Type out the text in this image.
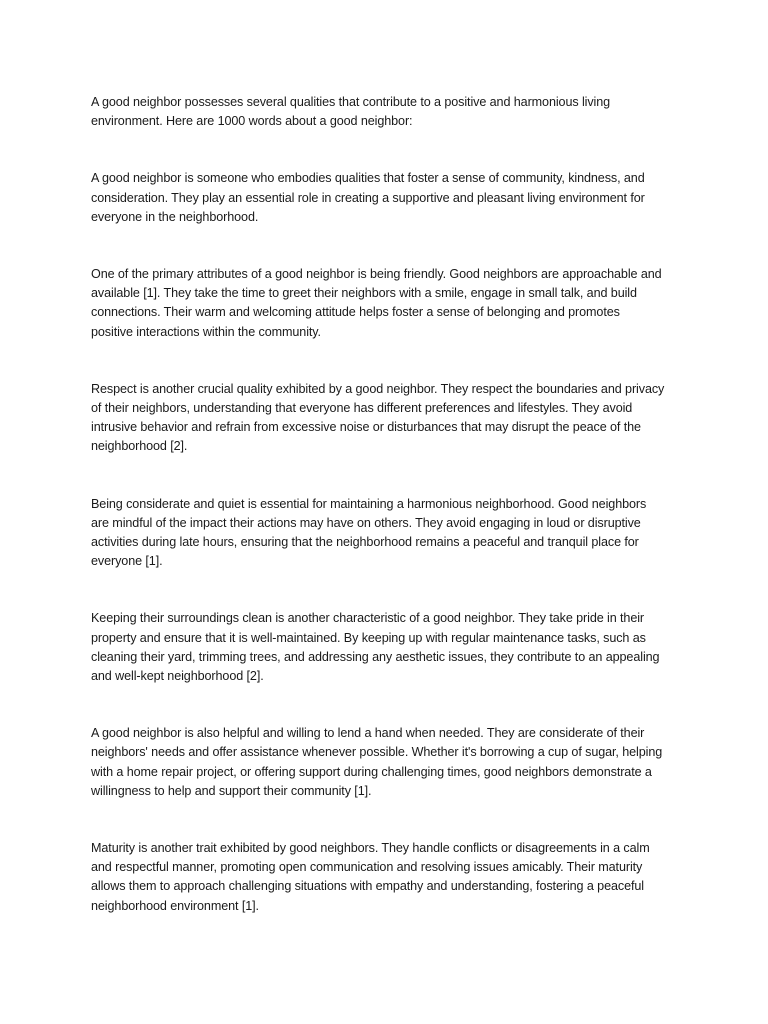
A good neighbor possesses several qualities that contribute to a positive and harmonious living
environment. Here are 1000 words about a good neighbor:

A good neighbor is someone who embodies qualities that foster a sense of community, kindness, and
consideration. They play an essential role in creating a supportive and pleasant living environment for
everyone in the neighborhood.

One of the primary attributes of a good neighbor is being friendly. Good neighbors are approachable and
available [1]. They take the time to greet their neighbors with a smile, engage in small talk, and build
connections. Their warm and welcoming attitude helps foster a sense of belonging and promotes
positive interactions within the community.

Respect is another crucial quality exhibited by a good neighbor. They respect the boundaries and privacy
of their neighbors, understanding that everyone has different preferences and lifestyles. They avoid
intrusive behavior and refrain from excessive noise or disturbances that may disrupt the peace of the
neighborhood [2].

Being considerate and quiet is essential for maintaining a harmonious neighborhood. Good neighbors
are mindful of the impact their actions may have on others. They avoid engaging in loud or disruptive
activities during late hours, ensuring that the neighborhood remains a peaceful and tranquil place for
everyone [1].

Keeping their surroundings clean is another characteristic of a good neighbor. They take pride in their
property and ensure that it is well-maintained. By keeping up with regular maintenance tasks, such as
cleaning their yard, trimming trees, and addressing any aesthetic issues, they contribute to an appealing
and well-kept neighborhood [2].

A good neighbor is also helpful and willing to lend a hand when needed. They are considerate of their
neighbors' needs and offer assistance whenever possible. Whether it's borrowing a cup of sugar, helping
with a home repair project, or offering support during challenging times, good neighbors demonstrate a
willingness to help and support their community [1].

Maturity is another trait exhibited by good neighbors. They handle conflicts or disagreements in a calm
and respectful manner, promoting open communication and resolving issues amicably. Their maturity
allows them to approach challenging situations with empathy and understanding, fostering a peaceful
neighborhood environment [1].
